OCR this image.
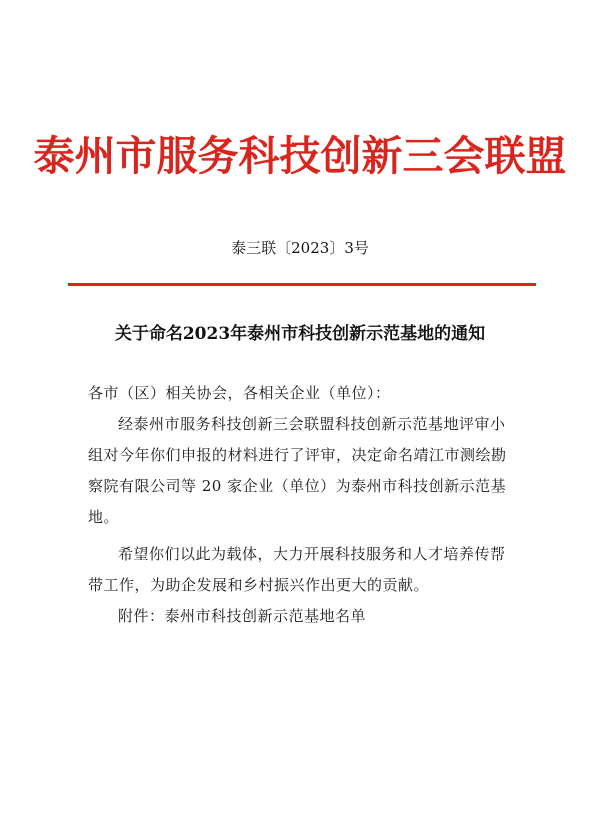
泰州市服务科技创新三会联盟
泰三联〔2023〕3号
关于命名2023年泰州市科技创新示范基地的通知
各市（区）相关协会，各相关企业（单位）：
经泰州市服务科技创新三会联盟科技创新示范基地评审小组对今年你们申报的材料进行了评审，决定命名靖江市测绘勘察院有限公司等 20 家企业（单位）为泰州市科技创新示范基地。
希望你们以此为载体，大力开展科技服务和人才培养传帮带工作，为助企发展和乡村振兴作出更大的贡献。
附件：泰州市科技创新示范基地名单
